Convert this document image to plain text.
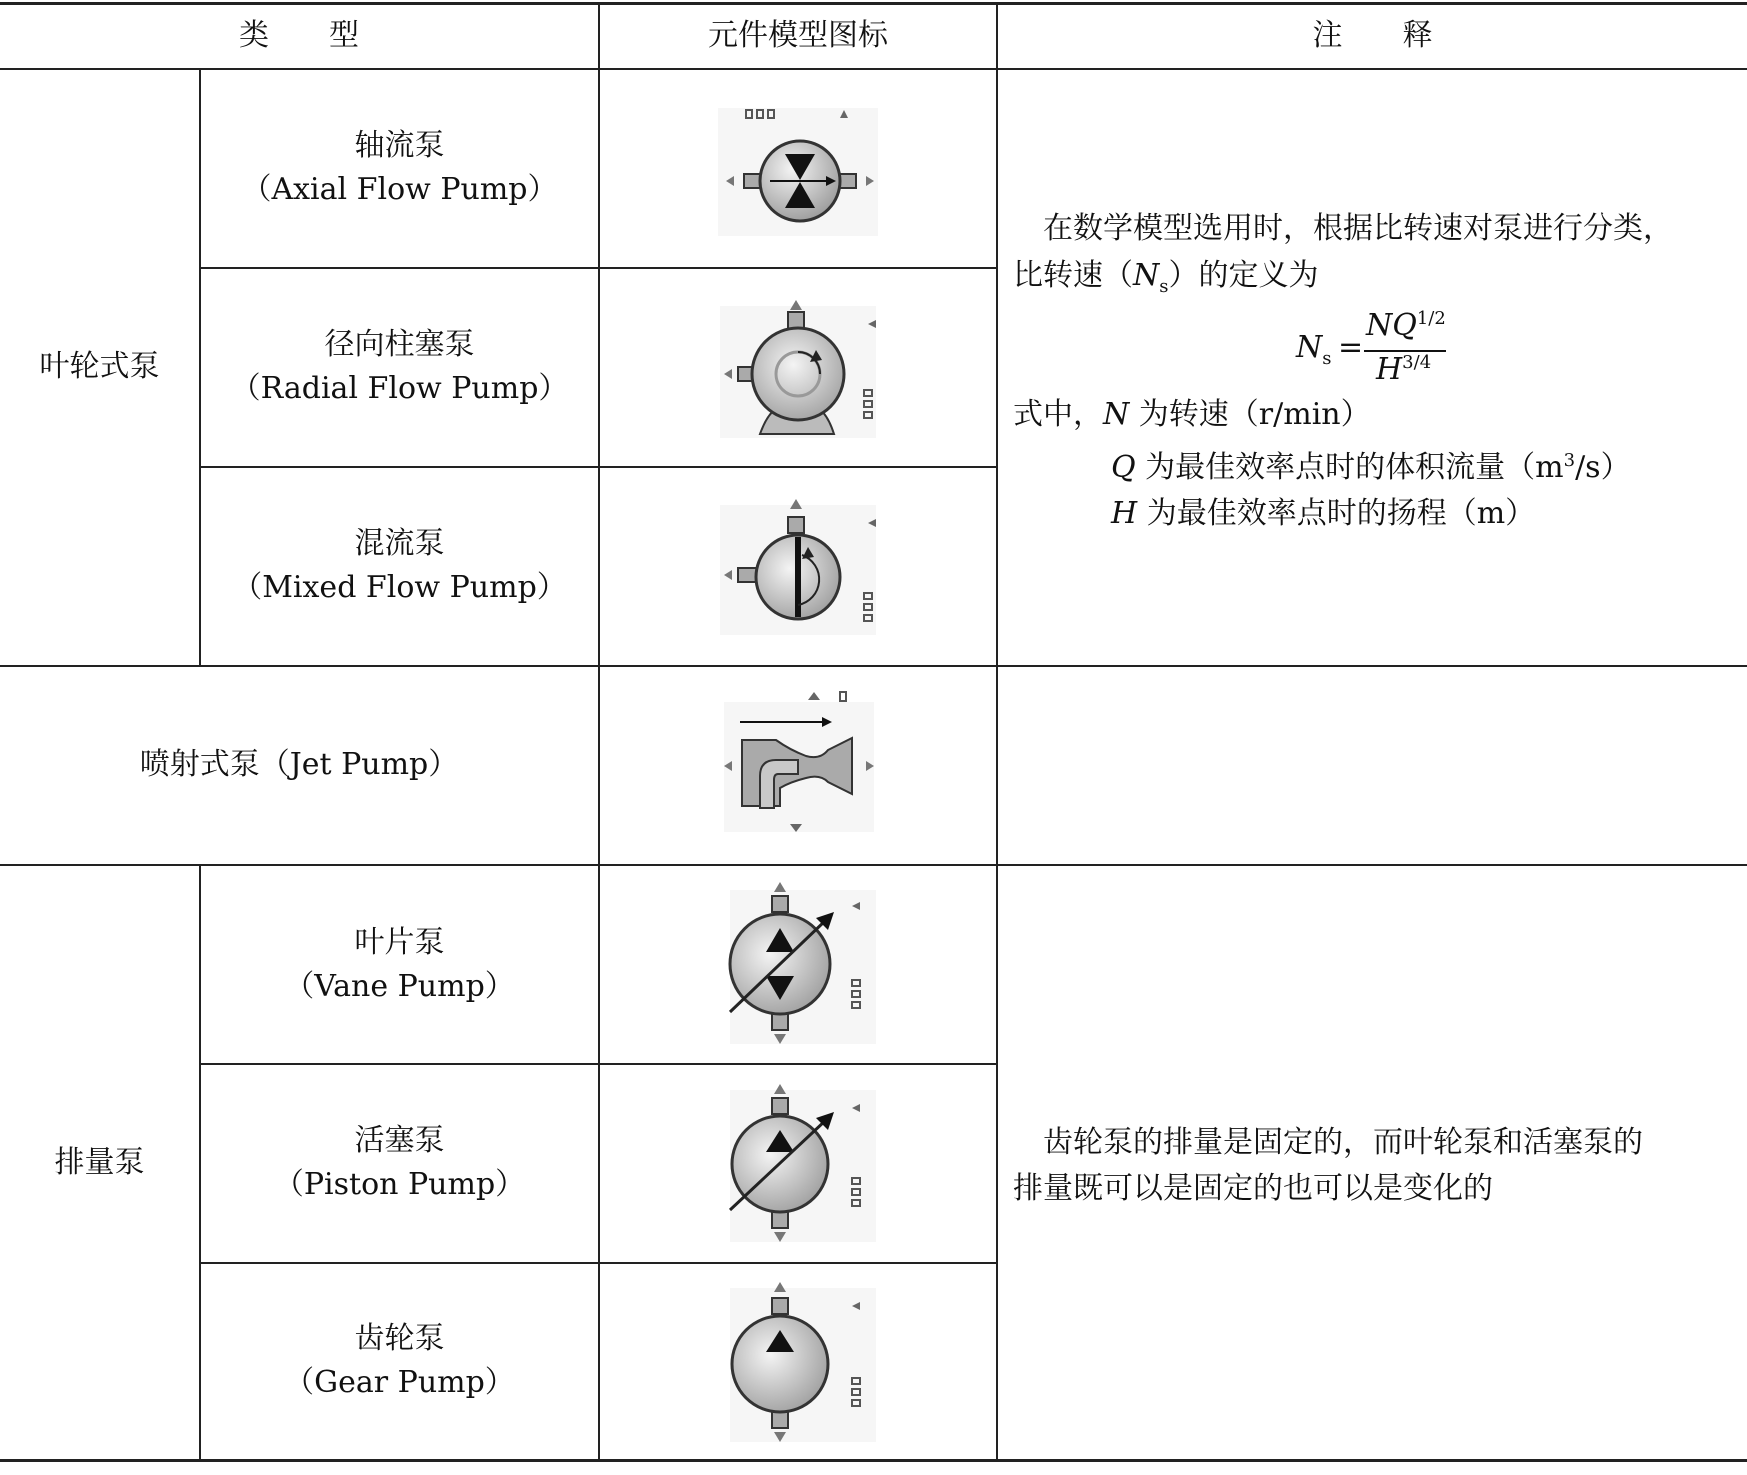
类　　型	元件模型图标	注　　释
叶轮式泵
排量泵
轴流泵
（Axial Flow Pump）
径向柱塞泵
（Radial Flow Pump）
混流泵
（Mixed Flow Pump）
喷射式泵（Jet Pump）
叶片泵
（Vane Pump）
活塞泵
（Piston Pump）
齿轮泵
（Gear Pump）

在数学模型选用时，根据比转速对泵进行分类，

比转速$(N_s)$的定义为

$N_s$ =
$NQ^{1/2}$
$H^{3/4}$

式中，N 为转速（r/min）

Q 为最佳效率点时的体积流量$(m^3/s)$

H 为最佳效率点时的扬程（m）

齿轮泵的排量是固定的，而叶轮泵和活塞泵的

排量既可以是固定的也可以是变化的
